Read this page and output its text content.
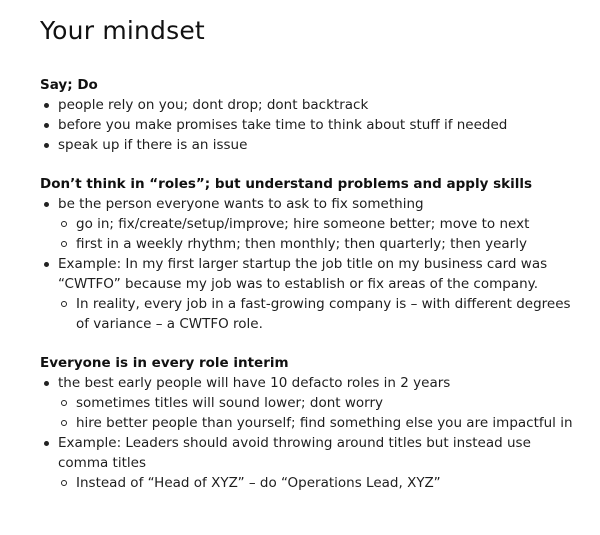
Your mindset
Say; Do
people rely on you; dont drop; dont backtrack
before you make promises take time to think about stuff if needed
speak up if there is an issue
Don’t think in “roles”; but understand problems and apply skills
be the person everyone wants to ask to fix something
go in; fix/create/setup/improve; hire someone better; move to next
first in a weekly rhythm; then monthly; then quarterly; then yearly
Example: In my first larger startup the job title on my business card was “CWTFO” because my job was to establish or fix areas of the company.
In reality, every job in a fast-growing company is – with different degrees of variance – a CWTFO role.
Everyone is in every role interim
the best early people will have 10 defacto roles in 2 years
sometimes titles will sound lower; dont worry
hire better people than yourself; find something else you are impactful in
Example: Leaders should avoid throwing around titles but instead use comma titles
Instead of “Head of XYZ” – do “Operations Lead, XYZ”
